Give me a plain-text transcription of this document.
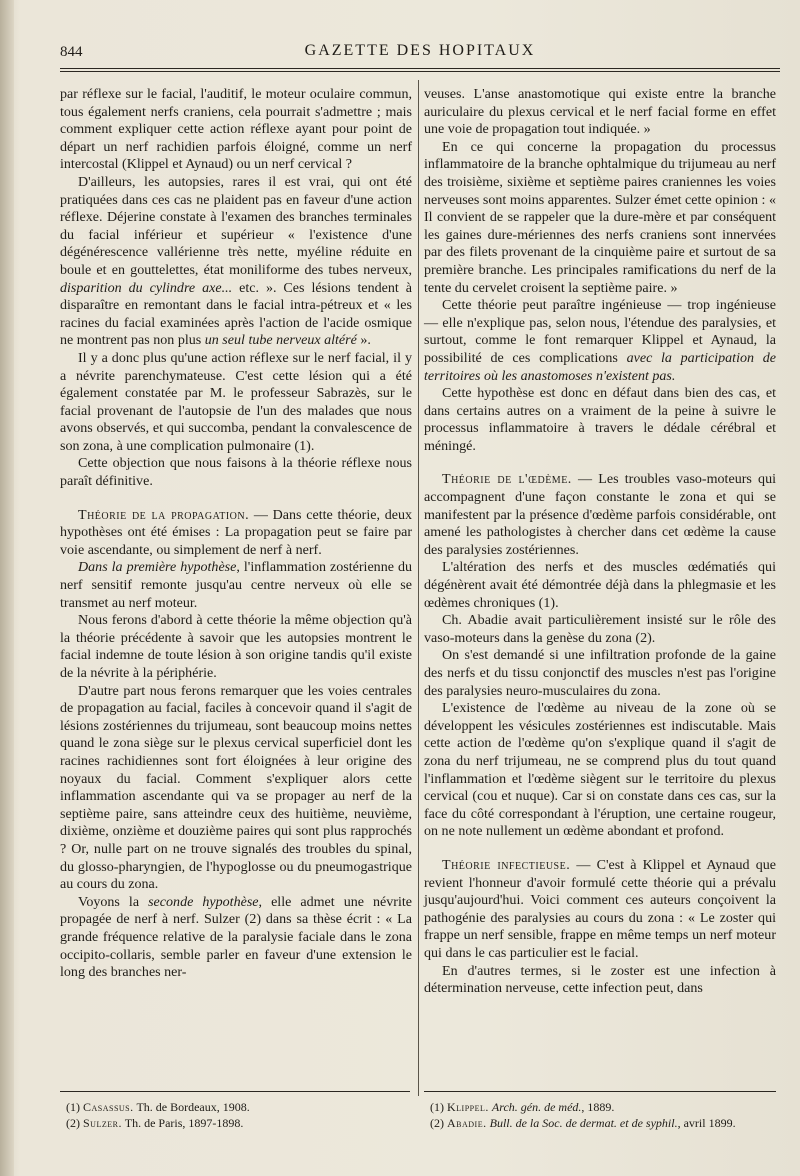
844	GAZETTE DES HOPITAUX

par réflexe sur le facial, l'auditif, le moteur oculaire commun, tous également nerfs craniens, cela pourrait s'admettre ; mais comment expliquer cette action réflexe ayant pour point de départ un nerf rachidien parfois éloigné, comme un nerf intercostal (Klippel et Aynaud) ou un nerf cervical ?

D'ailleurs, les autopsies, rares il est vrai, qui ont été pratiquées dans ces cas ne plaident pas en faveur d'une action réflexe. Déjerine constate à l'examen des branches terminales du facial inférieur et supérieur « l'existence d'une dégénérescence vallérienne très nette, myéline réduite en boule et en gouttelettes, état moniliforme des tubes nerveux, disparition du cylindre axe... etc. ». Ces lésions tendent à disparaître en remontant dans le facial intra-pétreux et « les racines du facial examinées après l'action de l'acide osmique ne montrent pas non plus un seul tube nerveux altéré ».

Il y a donc plus qu'une action réflexe sur le nerf facial, il y a névrite parenchymateuse. C'est cette lésion qui a été également constatée par M. le professeur Sabrazès, sur le facial provenant de l'autopsie de l'un des malades que nous avons observés, et qui succomba, pendant la convalescence de son zona, à une complication pulmonaire (1).

Cette objection que nous faisons à la théorie réflexe nous paraît définitive.

Théorie de la propagation. — Dans cette théorie, deux hypothèses ont été émises : La propagation peut se faire par voie ascendante, ou simplement de nerf à nerf.

Dans la première hypothèse, l'inflammation zostérienne du nerf sensitif remonte jusqu'au centre nerveux où elle se transmet au nerf moteur.

Nous ferons d'abord à cette théorie la même objection qu'à la théorie précédente à savoir que les autopsies montrent le facial indemne de toute lésion à son origine tandis qu'il existe de la névrite à la périphérie.

D'autre part nous ferons remarquer que les voies centrales de propagation au facial, faciles à concevoir quand il s'agit de lésions zostériennes du trijumeau, sont beaucoup moins nettes quand le zona siège sur le plexus cervical superficiel dont les racines rachidiennes sont fort éloignées à leur origine des noyaux du facial. Comment s'expliquer alors cette inflammation ascendante qui va se propager au nerf de la septième paire, sans atteindre ceux des huitième, neuvième, dixième, onzième et douzième paires qui sont plus rapprochés ? Or, nulle part on ne trouve signalés des troubles du spinal, du glosso-pharyngien, de l'hypoglosse ou du pneumogastrique au cours du zona.

Voyons la seconde hypothèse, elle admet une névrite propagée de nerf à nerf. Sulzer (2) dans sa thèse écrit : « La grande fréquence relative de la paralysie faciale dans le zona occipito-collaris, semble parler en faveur d'une extension le long des branches ner-

veuses. L'anse anastomotique qui existe entre la branche auriculaire du plexus cervical et le nerf facial forme en effet une voie de propagation tout indiquée. »

En ce qui concerne la propagation du processus inflammatoire de la branche ophtalmique du trijumeau au nerf des troisième, sixième et septième paires craniennes les voies nerveuses sont moins apparentes. Sulzer émet cette opinion : « Il convient de se rappeler que la dure-mère et par conséquent les gaines dure-mériennes des nerfs craniens sont innervées par des filets provenant de la cinquième paire et surtout de sa première branche. Les principales ramifications du nerf de la tente du cervelet croisent la septième paire. »

Cette théorie peut paraître ingénieuse — trop ingénieuse — elle n'explique pas, selon nous, l'étendue des paralysies, et surtout, comme le font remarquer Klippel et Aynaud, la possibilité de ces complications avec la participation de territoires où les anastomoses n'existent pas.

Cette hypothèse est donc en défaut dans bien des cas, et dans certains autres on a vraiment de la peine à suivre le processus inflammatoire à travers le dédale cérébral et méningé.

Théorie de l'œdème. — Les troubles vaso-moteurs qui accompagnent d'une façon constante le zona et qui se manifestent par la présence d'œdème parfois considérable, ont amené les pathologistes à chercher dans cet œdème la cause des paralysies zostériennes.

L'altération des nerfs et des muscles œdématiés qui dégénèrent avait été démontrée déjà dans la phlegmasie et les œdèmes chroniques (1).

Ch. Abadie avait particulièrement insisté sur le rôle des vaso-moteurs dans la genèse du zona (2).

On s'est demandé si une infiltration profonde de la gaine des nerfs et du tissu conjonctif des muscles n'est pas l'origine des paralysies neuro-musculaires du zona.

L'existence de l'œdème au niveau de la zone où se développent les vésicules zostériennes est indiscutable. Mais cette action de l'œdème qu'on s'explique quand il s'agit de zona du nerf trijumeau, ne se comprend plus du tout quand l'inflammation et l'œdème siègent sur le territoire du plexus cervical (cou et nuque). Car si on constate dans ces cas, sur la face du côté correspondant à l'éruption, une certaine rougeur, on ne note nullement un œdème abondant et profond.

Théorie infectieuse. — C'est à Klippel et Aynaud que revient l'honneur d'avoir formulé cette théorie qui a prévalu jusqu'aujourd'hui. Voici comment ces auteurs conçoivent la pathogénie des paralysies au cours du zona : « Le zoster qui frappe un nerf sensible, frappe en même temps un nerf moteur qui dans le cas particulier est le facial.

En d'autres termes, si le zoster est une infection à détermination nerveuse, cette infection peut, dans

(1) Casassus. Th. de Bordeaux, 1908.

(2) Sulzer. Th. de Paris, 1897-1898.

(1) Klippel. Arch. gén. de méd., 1889.

(2) Abadie. Bull. de la Soc. de dermat. et de syphil., avril 1899.
